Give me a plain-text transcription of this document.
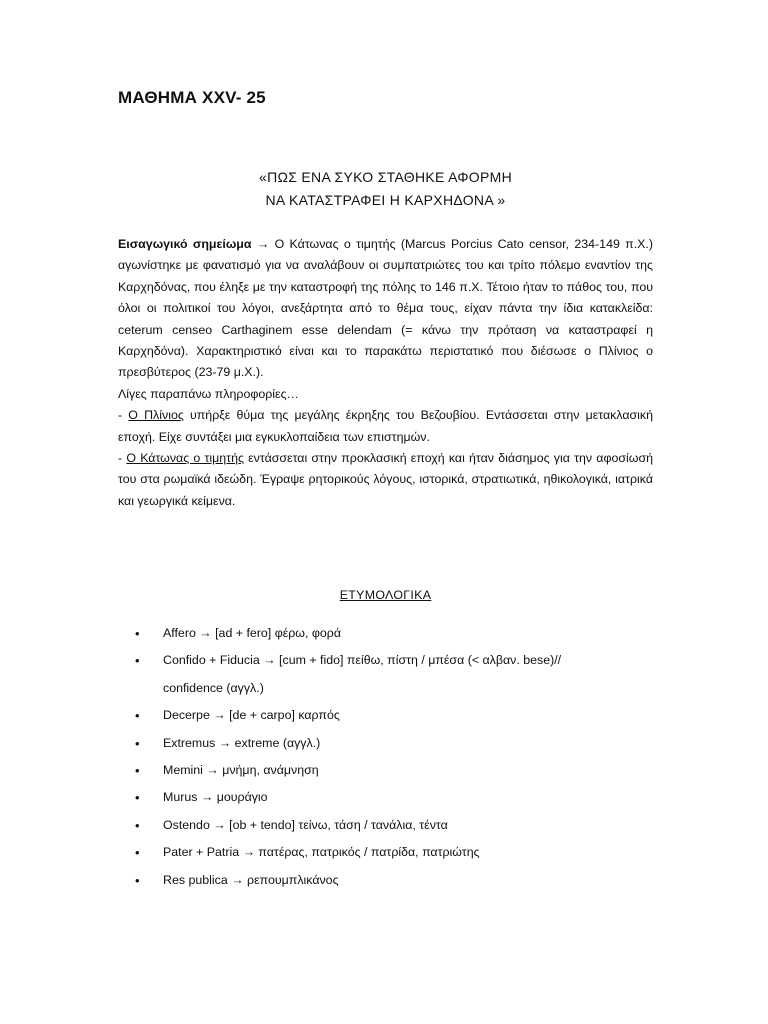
ΜΑΘΗΜΑ XXV- 25
«ΠΩΣ ΕΝΑ ΣΥΚΟ ΣΤΑΘΗΚΕ ΑΦΟΡΜΗ
ΝΑ ΚΑΤΑΣΤΡΑΦΕΙ Η ΚΑΡΧΗΔΟΝΑ »

Εισαγωγικό σημείωμα → Ο Κάτωνας ο τιμητής (Marcus Porcius Cato censor, 234-149 π.Χ.) αγωνίστηκε με φανατισμό για να αναλάβουν οι συμπατριώτες του και τρίτο πόλεμο εναντίον της Καρχηδόνας, που έληξε με την καταστροφή της πόλης το 146 π.Χ. Τέτοιο ήταν το πάθος του, που όλοι οι πολιτικοί του λόγοι, ανεξάρτητα από το θέμα τους, είχαν πάντα την ίδια κατακλείδα: ceterum censeo Carthaginem esse delendam (= κάνω την πρόταση να καταστραφεί η Καρχηδόνα). Χαρακτηριστικό είναι και το παρακάτω περιστατικό που διέσωσε ο Πλίνιος ο πρεσβύτερος (23-79 μ.Χ.).

Λίγες παραπάνω πληροφορίες…

- Ο Πλίνιος υπήρξε θύμα της μεγάλης έκρηξης του Βεζουβίου. Εντάσσεται στην μετακλασική εποχή. Είχε συντάξει μια εγκυκλοπαίδεια των επιστημών.

- Ο Κάτωνας ο τιμητής εντάσσεται στην προκλασική εποχή και ήταν διάσημος για την αφοσίωσή του στα ρωμαϊκά ιδεώδη. Έγραψε ρητορικούς λόγους, ιστορικά, στρατιωτικά, ηθικολογικά, ιατρικά και γεωργικά κείμενα.

ΕΤΥΜΟΛΟΓΙΚΑ
• Affero → [ad + fero] φέρω, φορά
• Confido + Fiducia → [cum + fido] πείθω, πίστη / μπέσα (< αλβαν. bese)//
confidence (αγγλ.)
• Decerpe → [de + carpo] καρπός
• Extremus → extreme (αγγλ.)
• Memini → μνήμη, ανάμνηση
• Murus → μουράγιο
• Ostendo → [ob + tendo] τείνω, τάση / τανάλια, τέντα
• Pater + Patria → πατέρας, πατρικός / πατρίδα, πατριώτης
• Res publica → ρεπουμπλικάνος
